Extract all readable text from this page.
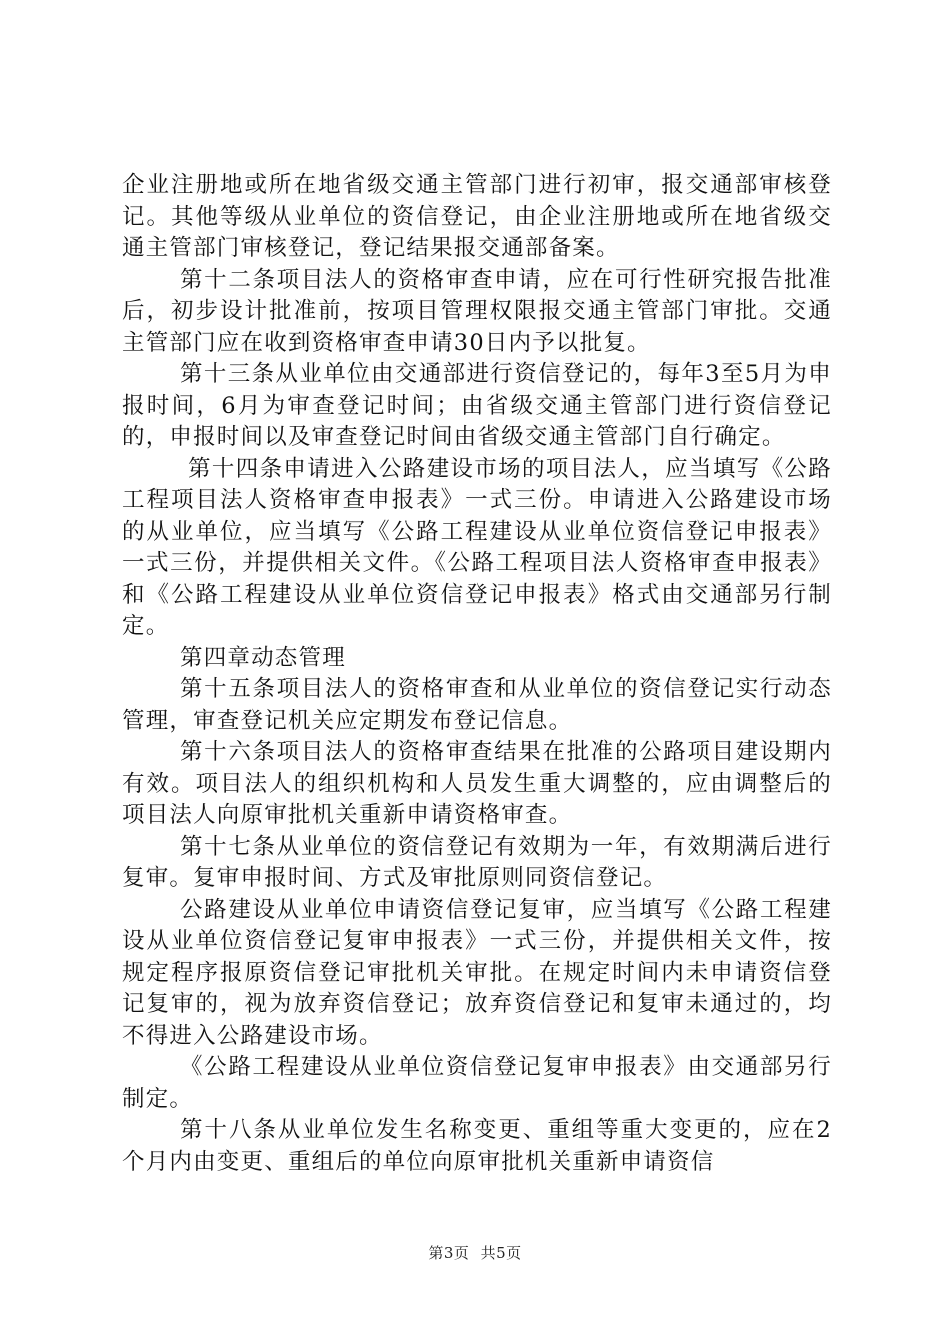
企业注册地或所在地省级交通主管部门进行初审，报交通部审核登记。其他等级从业单位的资信登记，由企业注册地或所在地省级交通主管部门审核登记，登记结果报交通部备案。

第十二条项目法人的资格审查申请，应在可行性研究报告批准后，初步设计批准前，按项目管理权限报交通主管部门审批。交通主管部门应在收到资格审查申请30日内予以批复。

第十三条从业单位由交通部进行资信登记的，每年3至5月为申报时间，6月为审查登记时间；由省级交通主管部门进行资信登记的，申报时间以及审查登记时间由省级交通主管部门自行确定。

第十四条申请进入公路建设市场的项目法人，应当填写《公路工程项目法人资格审查申报表》一式三份。申请进入公路建设市场的从业单位，应当填写《公路工程建设从业单位资信登记申报表》一式三份，并提供相关文件。《公路工程项目法人资格审查申报表》和《公路工程建设从业单位资信登记申报表》格式由交通部另行制定。

第四章动态管理

第十五条项目法人的资格审查和从业单位的资信登记实行动态管理，审查登记机关应定期发布登记信息。

第十六条项目法人的资格审查结果在批准的公路项目建设期内有效。项目法人的组织机构和人员发生重大调整的，应由调整后的项目法人向原审批机关重新申请资格审查。

第十七条从业单位的资信登记有效期为一年，有效期满后进行复审。复审申报时间、方式及审批原则同资信登记。

公路建设从业单位申请资信登记复审，应当填写《公路工程建设从业单位资信登记复审申报表》一式三份，并提供相关文件，按规定程序报原资信登记审批机关审批。在规定时间内未申请资信登记复审的，视为放弃资信登记；放弃资信登记和复审未通过的，均不得进入公路建设市场。

《公路工程建设从业单位资信登记复审申报表》由交通部另行制定。

第十八条从业单位发生名称变更、重组等重大变更的，应在2个月内由变更、重组后的单位向原审批机关重新申请资信

第3页 共5页
